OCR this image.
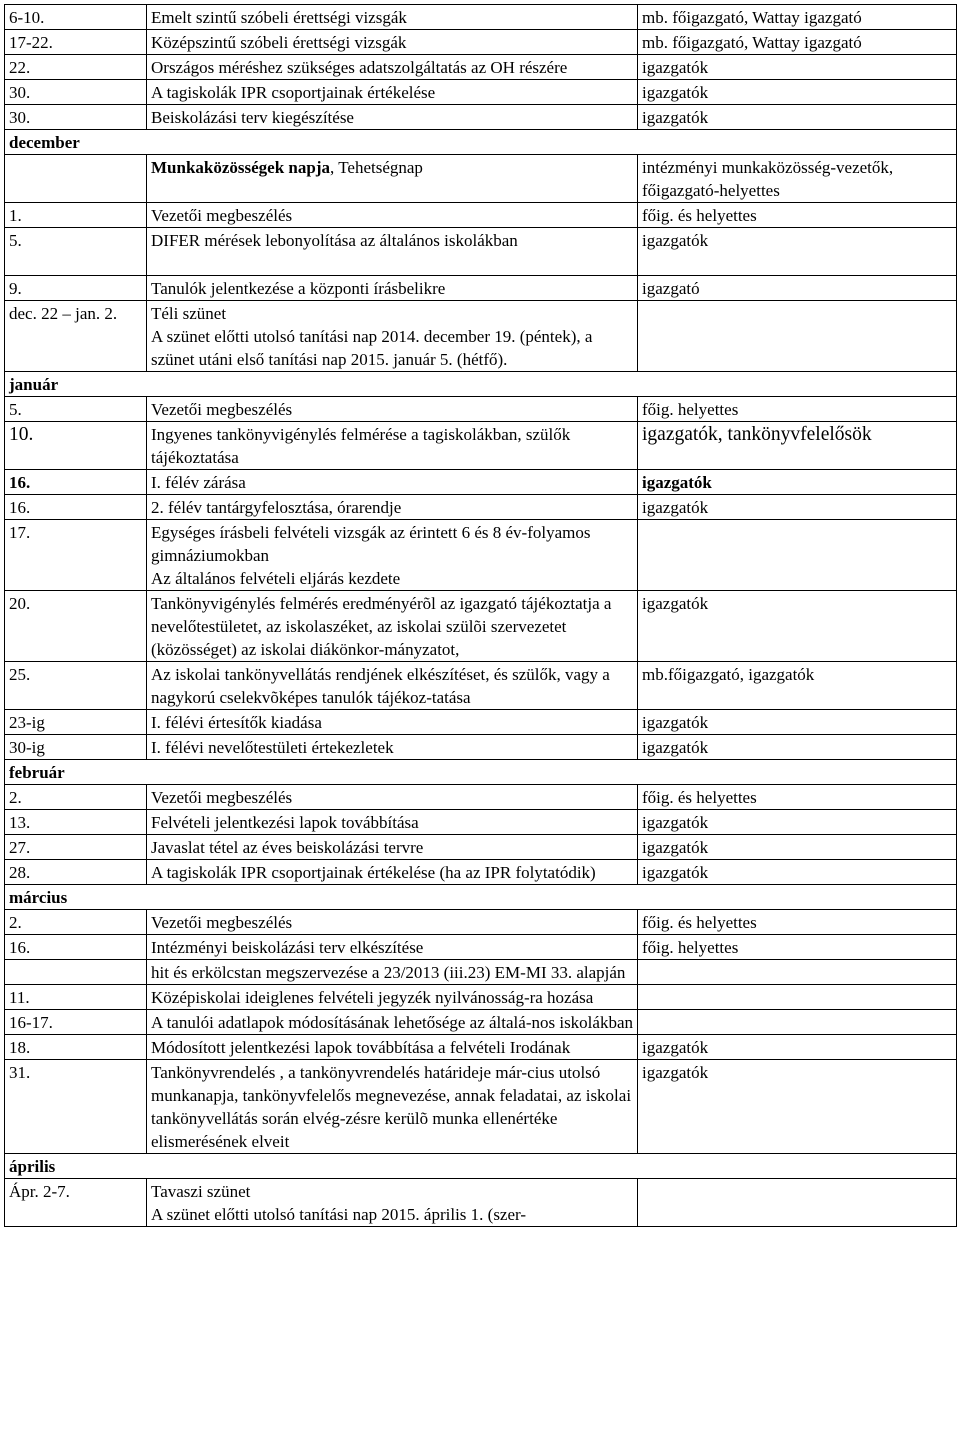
6-10.	Emelt szintű szóbeli érettségi vizsgák	mb. főigazgató, Wattay igazgató
17-22.	Középszintű szóbeli érettségi vizsgák	mb. főigazgató, Wattay igazgató
22.	Országos méréshez szükséges adatszolgáltatás az OH részére	igazgatók
30.	A tagiskolák IPR csoportjainak értékelése	igazgatók
30.	Beiskolázási terv kiegészítése	igazgatók
december		
	Munkaközösségek napja, Tehetségnap	intézményi munkaközösség-vezetők, főigazgató-helyettes
1.	Vezetői megbeszélés	főig. és helyettes
5.	DIFER mérések lebonyolítása az általános iskolákban	igazgatók
9.	Tanulók jelentkezése a központi írásbelikre	igazgató
dec. 22 – jan. 2.	Téli szünet
A szünet előtti utolsó tanítási nap 2014. december 19. (péntek), a szünet utáni első tanítási nap 2015. január 5. (hétfő).	
január		
5.	Vezetői megbeszélés	főig. helyettes
10.	Ingyenes tankönyvigénylés felmérése a tagiskolákban, szülők tájékoztatása	igazgatók, tankönyvfelelősök
16.	I. félév zárása	igazgatók
16.	2. félév tantárgyfelosztása, órarendje	igazgatók
17.	Egységes írásbeli felvételi vizsgák az érintett 6 és 8 év-folyamos gimnáziumokban
Az általános felvételi eljárás kezdete	
20.	Tankönyvigénylés felmérés eredményérõl az igazgató tájékoztatja a nevelőtestületet, az iskolaszéket, az iskolai szülõi szervezetet (közösséget) az iskolai diákönkor-mányzatot,	igazgatók
25.	Az iskolai tankönyvellátás rendjének elkészítéset, és szülők, vagy a nagykorú cselekvõképes tanulók tájékoz-tatása	mb.főigazgató, igazgatók
23-ig	I. félévi értesítők kiadása	igazgatók
30-ig	I. félévi nevelőtestületi értekezletek	igazgatók
február		
2.	Vezetői megbeszélés	főig. és helyettes
13.	Felvételi jelentkezési lapok továbbítása	igazgatók
27.	Javaslat tétel az éves beiskolázási tervre	igazgatók
28.	A tagiskolák IPR csoportjainak értékelése (ha az IPR folytatódik)	igazgatók
március		
2.	Vezetői megbeszélés	főig. és helyettes
16.	Intézményi beiskolázási terv elkészítése	főig. helyettes
	hit és erkölcstan megszervezése a 23/2013 (iii.23) EM-MI 33. alapján	
11.	Középiskolai ideiglenes felvételi jegyzék nyilvánosság-ra hozása	
16-17.	A tanulói adatlapok módosításának lehetősége az általá-nos iskolákban	
18.	Módosított jelentkezési lapok továbbítása a felvételi Irodának	igazgatók
31.	Tankönyvrendelés , a tankönyvrendelés határideje már-cius utolsó munkanapja, tankönyvfelelős megnevezése, annak feladatai, az iskolai tankönyvellátás során elvég-zésre kerülõ munka ellenértéke elismerésének elveit	igazgatók
április		
Ápr. 2-7.	Tavaszi szünet
A szünet előtti utolsó tanítási nap 2015. április 1. (szer-	
